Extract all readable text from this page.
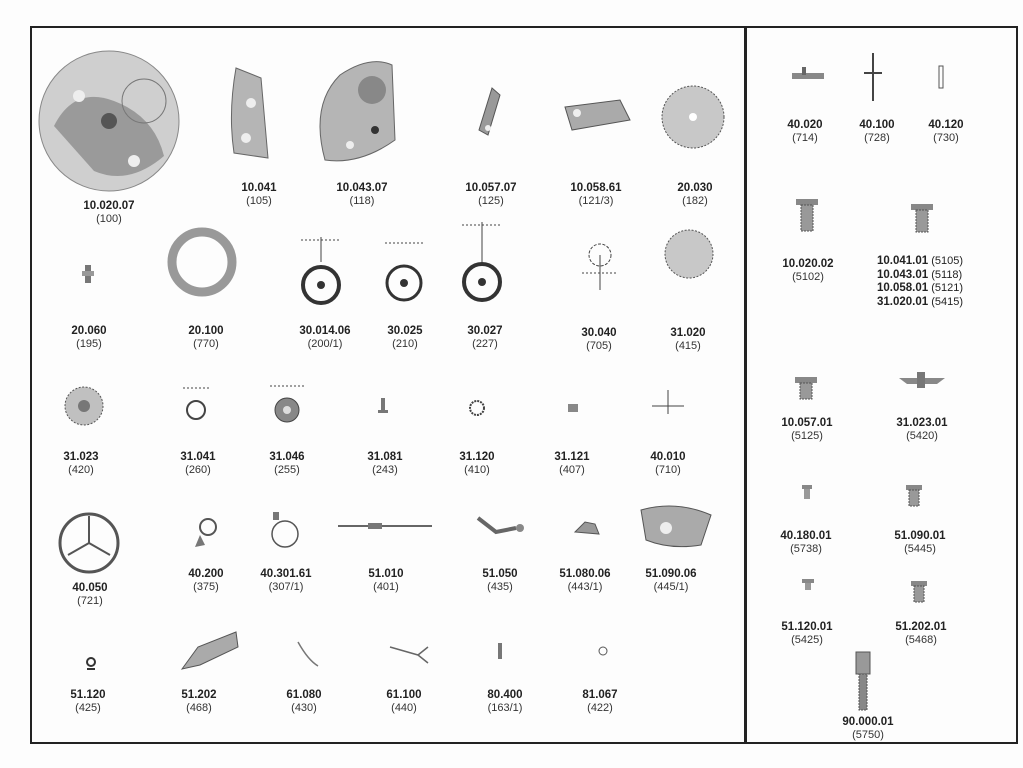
10.020.07
(100)
10.041
(105)
10.043.07
(118)
10.057.07
(125)
10.058.61
(121/3)
20.030
(182)
20.060
(195)
20.100
(770)
30.014.06
(200/1)
30.025
(210)
30.027
(227)
30.040
(705)
31.020
(415)
31.023
(420)
31.041
(260)
31.046
(255)
31.081
(243)
31.120
(410)
31.121
(407)
40.010
(710)
40.050
(721)
40.200
(375)
40.301.61
(307/1)
51.010
(401)
51.050
(435)
51.080.06
(443/1)
51.090.06
(445/1)
51.120
(425)
51.202
(468)
61.080
(430)
61.100
(440)
80.400
(163/1)
81.067
(422)
40.020
(714)
40.100
(728)
40.120
(730)
10.020.02
(5102)
10.041.01 (5105)
10.043.01 (5118)
10.058.01 (5121)
31.020.01 (5415)
10.057.01
(5125)
31.023.01
(5420)
40.180.01
(5738)
51.090.01
(5445)
51.120.01
(5425)
51.202.01
(5468)
90.000.01
(5750)
